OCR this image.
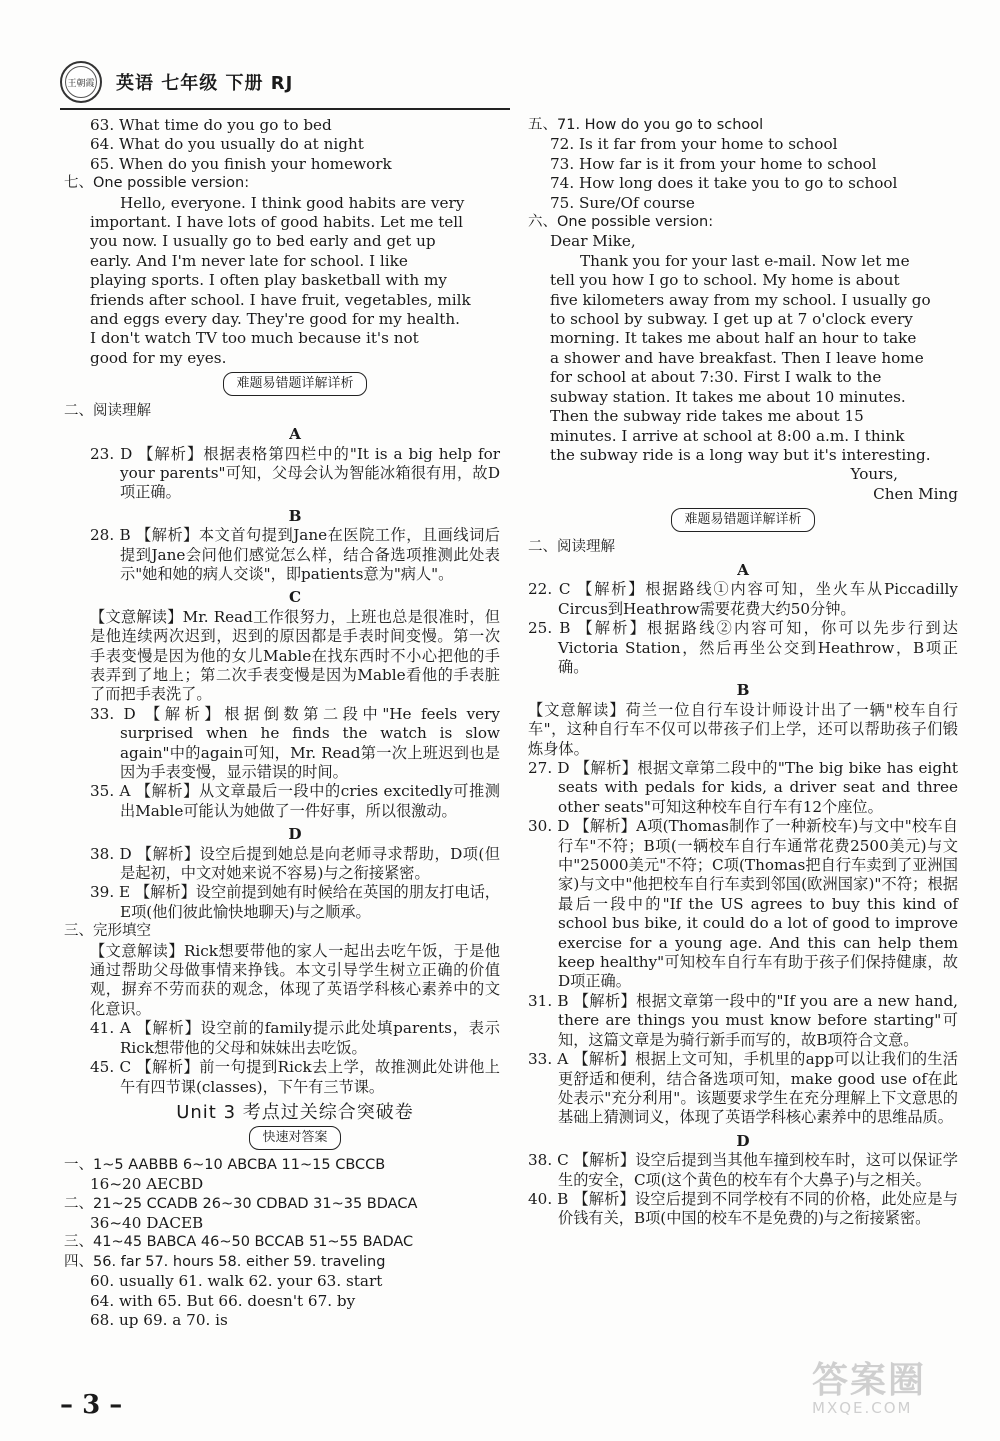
王朝霞 英语 七年级 下册 RJ
63. What time do you go to bed
64. What do you usually do at night
65. When do you finish your homework
七、One possible version:
Hello, everyone. I think good habits are very
important. I have lots of good habits. Let me tell
you now. I usually go to bed early and get up
early. And I'm never late for school. I like
playing sports. I often play basketball with my
friends after school. I have fruit, vegetables, milk
and eggs every day. They're good for my health.
I don't watch TV too much because it's not
good for my eyes.
难题易错题详解详析
二、阅读理解
A
23. D 【解析】根据表格第四栏中的"It is a big help for your parents"可知，父母会认为智能冰箱很有用，故D项正确。
B
28. B 【解析】本文首句提到Jane在医院工作，且画线词后提到Jane会问他们感觉怎么样，结合备选项推测此处表示"她和她的病人交谈"，即patients意为"病人"。
C
【文意解读】Mr. Read工作很努力，上班也总是很准时，但是他连续两次迟到，迟到的原因都是手表时间变慢。第一次手表变慢是因为他的女儿Mable在找东西时不小心把他的手表弄到了地上；第二次手表变慢是因为Mable看他的手表脏了而把手表洗了。
33. D 【解析】根据倒数第二段中"He feels very surprised when he finds the watch is slow again"中的again可知，Mr. Read第一次上班迟到也是因为手表变慢，显示错误的时间。
35. A 【解析】从文章最后一段中的cries excitedly可推测出Mable可能认为她做了一件好事，所以很激动。
D
38. D 【解析】设空后提到她总是向老师寻求帮助，D项(但是起初，中文对她来说不容易)与之衔接紧密。
39. E 【解析】设空前提到她有时候给在英国的朋友打电话，E项(他们彼此愉快地聊天)与之顺承。
三、完形填空
【文意解读】Rick想要带他的家人一起出去吃午饭，于是他通过帮助父母做事情来挣钱。本文引导学生树立正确的价值观，摒弃不劳而获的观念，体现了英语学科核心素养中的文化意识。
41. A 【解析】设空前的family提示此处填parents，表示Rick想带他的父母和妹妹出去吃饭。
45. C 【解析】前一句提到Rick去上学，故推测此处讲他上午有四节课(classes)，下午有三节课。
Unit 3 考点过关综合突破卷
快速对答案
一、1~5 AABBB 6~10 ABCBA 11~15 CBCCB
16~20 AECBD
二、21~25 CCADB 26~30 CDBAD 31~35 BDACA
36~40 DACEB
三、41~45 BABCA 46~50 BCCAB 51~55 BADAC
四、56. far 57. hours 58. either 59. traveling
60. usually 61. walk 62. your 63. start
64. with 65. But 66. doesn't 67. by
68. up 69. a 70. is
五、71. How do you go to school
72. Is it far from your home to school
73. How far is it from your home to school
74. How long does it take you to go to school
75. Sure/Of course
六、One possible version:
Dear Mike,
Thank you for your last e-mail. Now let me
tell you how I go to school. My home is about
five kilometers away from my school. I usually go
to school by subway. I get up at 7 o'clock every
morning. It takes me about half an hour to take
a shower and have breakfast. Then I leave home
for school at about 7:30. First I walk to the
subway station. It takes me about 10 minutes.
Then the subway ride takes me about 15
minutes. I arrive at school at 8:00 a.m. I think
the subway ride is a long way but it's interesting.
Yours,
Chen Ming
难题易错题详解详析
二、阅读理解
A
22. C 【解析】根据路线①内容可知，坐火车从Piccadilly Circus到Heathrow需要花费大约50分钟。
25. B 【解析】根据路线②内容可知，你可以先步行到达Victoria Station，然后再坐公交到Heathrow，B项正确。
B
【文意解读】荷兰一位自行车设计师设计出了一辆"校车自行车"，这种自行车不仅可以带孩子们上学，还可以帮助孩子们锻炼身体。
27. D 【解析】根据文章第二段中的"The big bike has eight seats with pedals for kids, a driver seat and three other seats"可知这种校车自行车有12个座位。
30. D 【解析】A项(Thomas制作了一种新校车)与文中"校车自行车"不符；B项(一辆校车自行车通常花费2500美元)与文中"25000美元"不符；C项(Thomas把自行车卖到了亚洲国家)与文中"他把校车自行车卖到邻国(欧洲国家)"不符；根据最后一段中的"If the US agrees to buy this kind of school bus bike, it could do a lot of good to improve exercise for a young age. And this can help them keep healthy"可知校车自行车有助于孩子们保持健康，故D项正确。
31. B 【解析】根据文章第一段中的"If you are a new hand, there are things you must know before starting"可知，这篇文章是为骑行新手而写的，故B项符合文意。
33. A 【解析】根据上文可知，手机里的app可以让我们的生活更舒适和便利，结合备选项可知，make good use of在此处表示"充分利用"。该题要求学生在充分理解上下文意思的基础上猜测词义，体现了英语学科核心素养中的思维品质。
D
38. C 【解析】设空后提到当其他车撞到校车时，这可以保证学生的安全，C项(这个黄色的校车有个大鼻子)与之相关。
40. B 【解析】设空后提到不同学校有不同的价格，此处应是与价钱有关，B项(中国的校车不是免费的)与之衔接紧密。
– 3 –
答案圈
MXQE.COM
